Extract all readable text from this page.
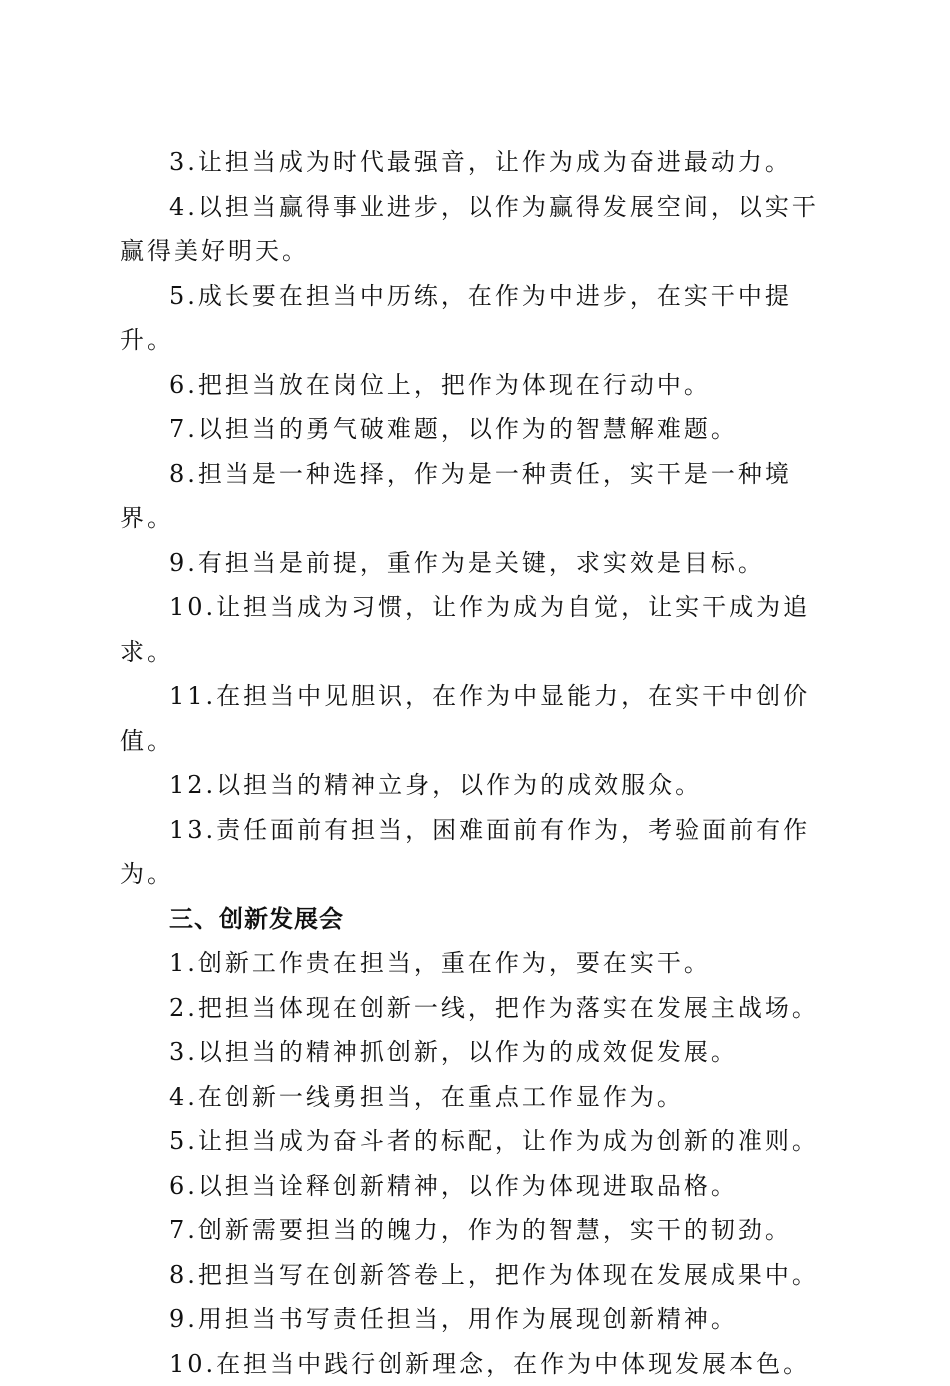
3.让担当成为时代最强音，让作为成为奋进最动力。

4.以担当赢得事业进步，以作为赢得发展空间，以实干赢得美好明天。

5.成长要在担当中历练，在作为中进步，在实干中提升。

6.把担当放在岗位上，把作为体现在行动中。

7.以担当的勇气破难题，以作为的智慧解难题。

8.担当是一种选择，作为是一种责任，实干是一种境界。

9.有担当是前提，重作为是关键，求实效是目标。

10.让担当成为习惯，让作为成为自觉，让实干成为追求。

11.在担当中见胆识，在作为中显能力，在实干中创价值。

12.以担当的精神立身，以作为的成效服众。

13.责任面前有担当，困难面前有作为，考验面前有作为。

三、创新发展会

1.创新工作贵在担当，重在作为，要在实干。

2.把担当体现在创新一线，把作为落实在发展主战场。

3.以担当的精神抓创新，以作为的成效促发展。

4.在创新一线勇担当，在重点工作显作为。

5.让担当成为奋斗者的标配，让作为成为创新的准则。

6.以担当诠释创新精神，以作为体现进取品格。

7.创新需要担当的魄力，作为的智慧，实干的韧劲。

8.把担当写在创新答卷上，把作为体现在发展成果中。

9.用担当书写责任担当，用作为展现创新精神。

10.在担当中践行创新理念，在作为中体现发展本色。
